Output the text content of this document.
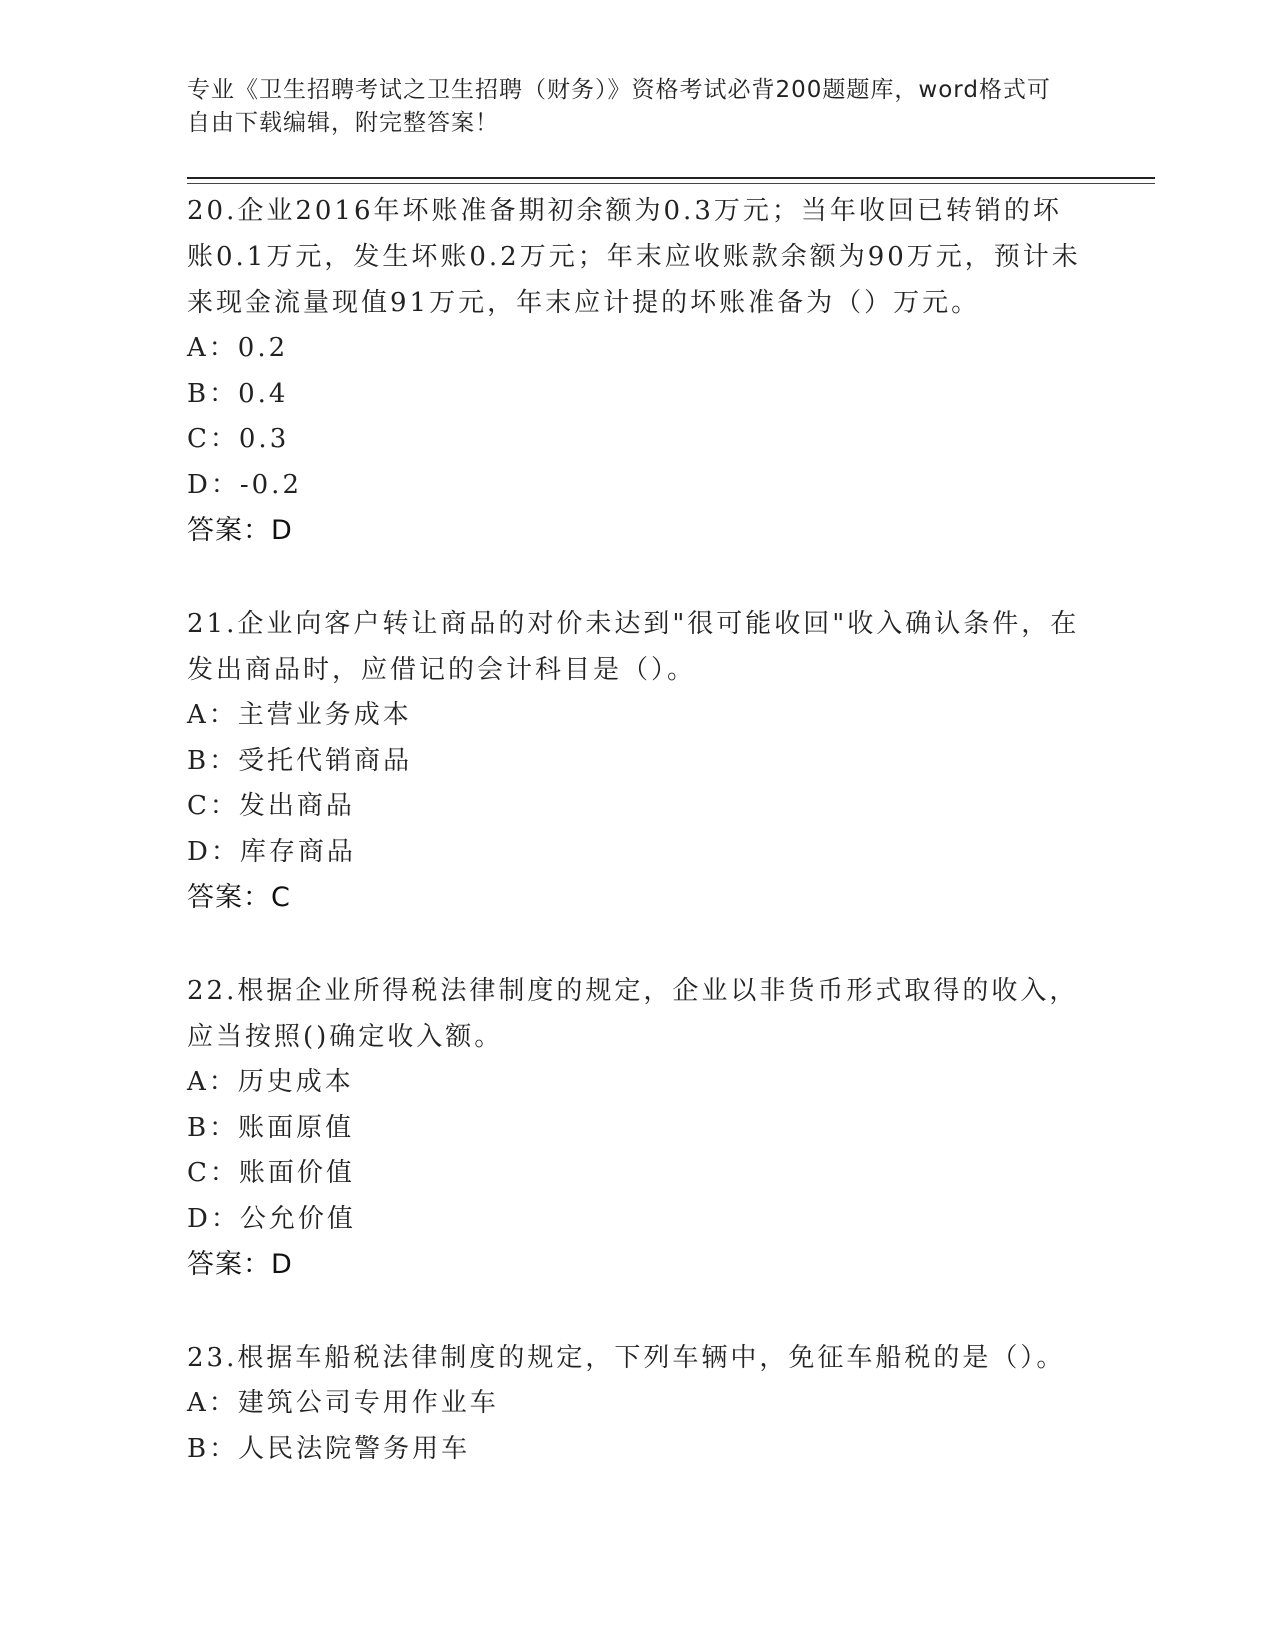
专业《卫生招聘考试之卫生招聘（财务）》资格考试必背200题题库，word格式可自由下载编辑，附完整答案！

20.企业2016年坏账准备期初余额为0.3万元；当年收回已转销的坏账0.1万元，发生坏账0.2万元；年末应收账款余额为90万元，预计未来现金流量现值91万元，年末应计提的坏账准备为（）万元。

A：0.2

B：0.4

C：0.3

D：-0.2

答案：D

21.企业向客户转让商品的对价未达到"很可能收回"收入确认条件，在发出商品时，应借记的会计科目是（）。

A：主营业务成本

B：受托代销商品

C：发出商品

D：库存商品

答案：C

22.根据企业所得税法律制度的规定，企业以非货币形式取得的收入，应当按照()确定收入额。

A：历史成本

B：账面原值

C：账面价值

D：公允价值

答案：D

23.根据车船税法律制度的规定，下列车辆中，免征车船税的是（）。

A：建筑公司专用作业车

B：人民法院警务用车
